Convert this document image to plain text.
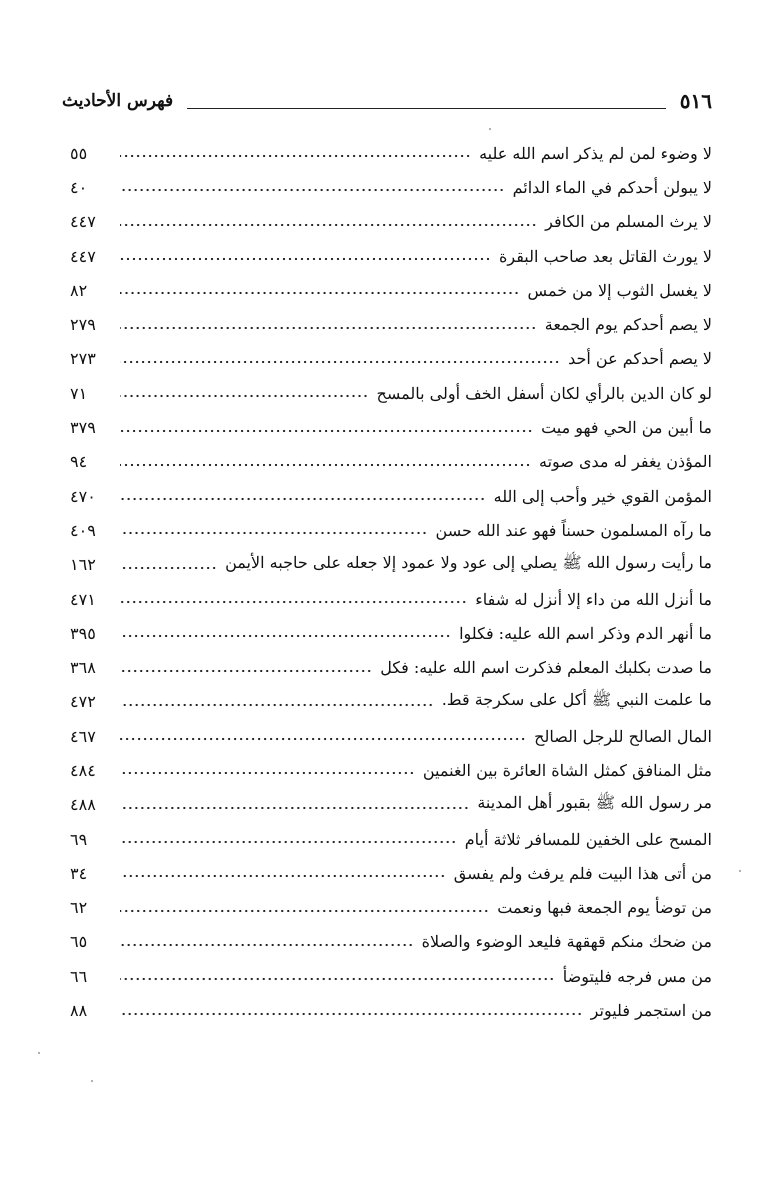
٥١٦
فهرس الأحاديث
لا وضوء لمن لم يذكر اسم الله عليه
٥٥
لا يبولن أحدكم في الماء الدائم
٤٠
لا يرث المسلم من الكافر
٤٤٧
لا يورث القاتل بعد صاحب البقرة
٤٤٧
لا يغسل الثوب إلا من خمس
٨٢
لا يصم أحدكم يوم الجمعة
٢٧٩
لا يصم أحدكم عن أحد
٢٧٣
لو كان الدين بالرأي لكان أسفل الخف أولى بالمسح
٧١
ما أبين من الحي فهو ميت
٣٧٩
المؤذن يغفر له مدى صوته
٩٤
المؤمن القوي خير وأحب إلى الله
٤٧٠
ما رآه المسلمون حسناً فهو عند الله حسن
٤٠٩
ما رأيت رسول الله ﷺ يصلي إلى عود ولا عمود إلا جعله على حاجبه الأيمن
١٦٢
ما أنزل الله من داء إلا أنزل له شفاء
٤٧١
ما أنهر الدم وذكر اسم الله عليه: فكلوا
٣٩٥
ما صدت بكلبك المعلم فذكرت اسم الله عليه: فكل
٣٦٨
ما علمت النبي ﷺ أكل على سكرجة قط.
٤٧٢
المال الصالح للرجل الصالح
٤٦٧
مثل المنافق كمثل الشاة العائرة بين الغنمين
٤٨٤
مر رسول الله ﷺ بقبور أهل المدينة
٤٨٨
المسح على الخفين للمسافر ثلاثة أيام
٦٩
من أتى هذا البيت فلم يرفث ولم يفسق
٣٤
من توضأ يوم الجمعة فبها ونعمت
٦٢
من ضحك منكم قهقهة فليعد الوضوء والصلاة
٦٥
من مس فرجه فليتوضأ
٦٦
من استجمر فليوتر
٨٨
